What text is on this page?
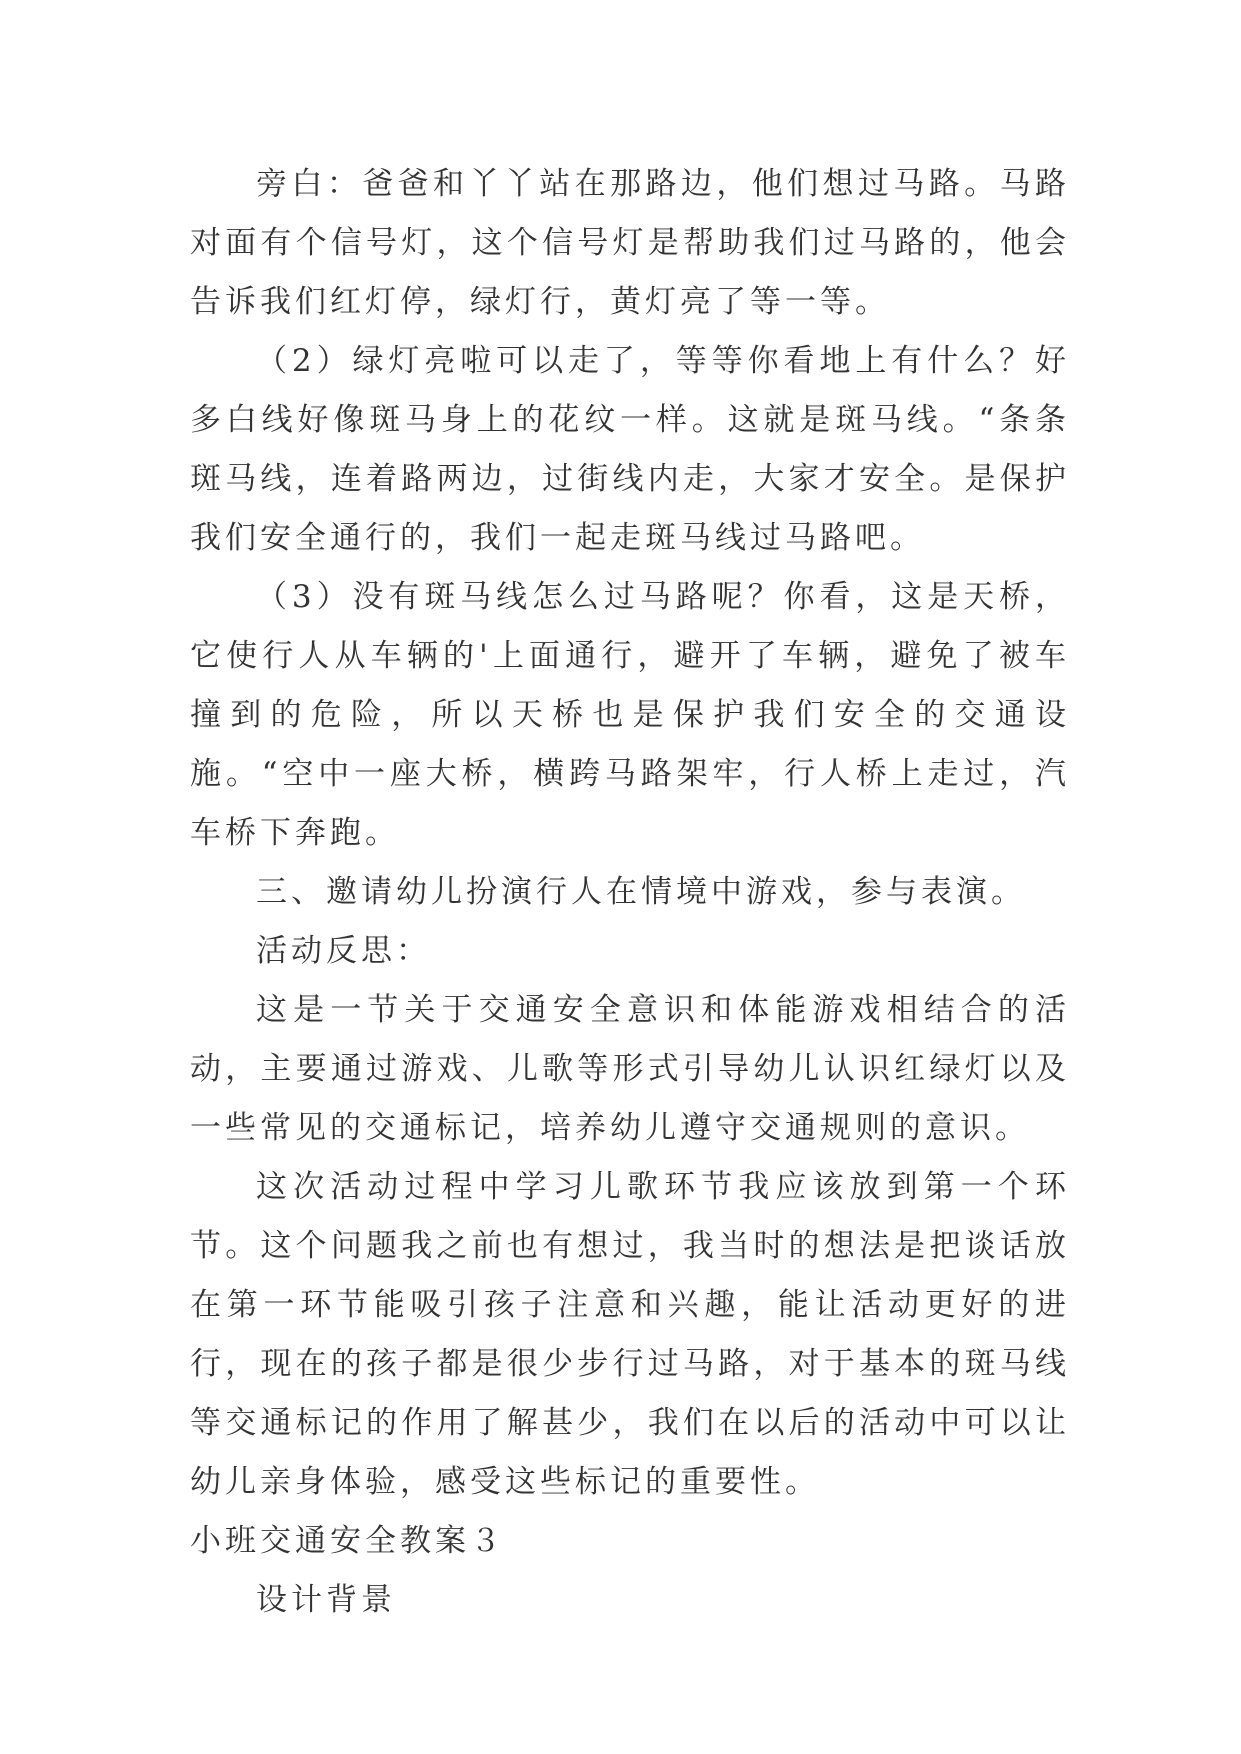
旁白：爸爸和丫丫站在那路边，他们想过马路。马路对面有个信号灯，这个信号灯是帮助我们过马路的，他会告诉我们红灯停，绿灯行，黄灯亮了等一等。

（2）绿灯亮啦可以走了，等等你看地上有什么？好多白线好像斑马身上的花纹一样。这就是斑马线。“条条斑马线，连着路两边，过街线内走，大家才安全。是保护我们安全通行的，我们一起走斑马线过马路吧。

（3）没有斑马线怎么过马路呢？你看，这是天桥，它使行人从车辆的'上面通行，避开了车辆，避免了被车撞到的危险，所以天桥也是保护我们安全的交通设施。“空中一座大桥，横跨马路架牢，行人桥上走过，汽车桥下奔跑。

三、邀请幼儿扮演行人在情境中游戏，参与表演。

活动反思：

这是一节关于交通安全意识和体能游戏相结合的活动，主要通过游戏、儿歌等形式引导幼儿认识红绿灯以及一些常见的交通标记，培养幼儿遵守交通规则的意识。

这次活动过程中学习儿歌环节我应该放到第一个环节。这个问题我之前也有想过，我当时的想法是把谈话放在第一环节能吸引孩子注意和兴趣，能让活动更好的进行，现在的孩子都是很少步行过马路，对于基本的斑马线等交通标记的作用了解甚少，我们在以后的活动中可以让幼儿亲身体验，感受这些标记的重要性。

小班交通安全教案３

设计背景
